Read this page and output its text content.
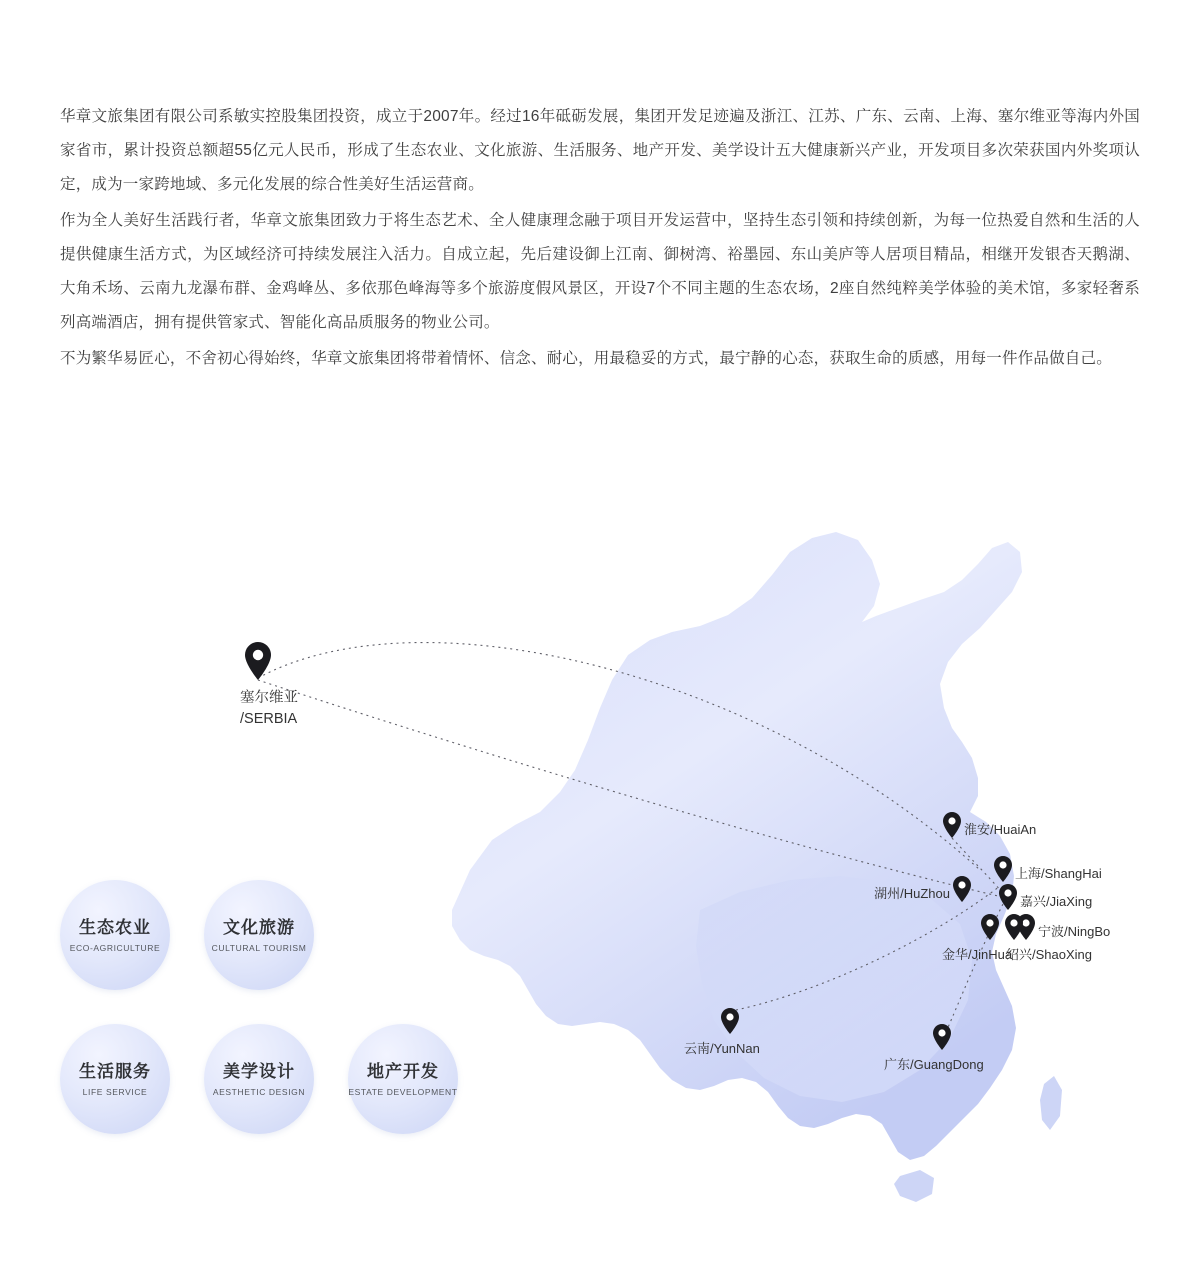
华章文旅集团有限公司系敏实控股集团投资，成立于2007年。经过16年砥砺发展，集团开发足迹遍及浙江、江苏、广东、云南、上海、塞尔维亚等海内外国家省市，累计投资总额超55亿元人民币，形成了生态农业、文化旅游、生活服务、地产开发、美学设计五大健康新兴产业，开发项目多次荣获国内外奖项认定，成为一家跨地域、多元化发展的综合性美好生活运营商。

作为全人美好生活践行者，华章文旅集团致力于将生态艺术、全人健康理念融于项目开发运营中，坚持生态引领和持续创新，为每一位热爱自然和生活的人提供健康生活方式，为区域经济可持续发展注入活力。自成立起，先后建设御上江南、御树湾、裕墨园、东山美庐等人居项目精品，相继开发银杏天鹅湖、大角禾场、云南九龙瀑布群、金鸡峰丛、多依那色峰海等多个旅游度假风景区，开设7个不同主题的生态农场，2座自然纯粹美学体验的美术馆，多家轻奢系列高端酒店，拥有提供管家式、智能化高品质服务的物业公司。

不为繁华易匠心，不舍初心得始终，华章文旅集团将带着情怀、信念、耐心，用最稳妥的方式，最宁静的心态，获取生命的质感，用每一件作品做自己。

塞尔维亚
/SERBIA
淮安/HuaiAn
上海/ShangHai
湖州/HuZhou
嘉兴/JiaXing
宁波/NingBo
金华/JinHua
绍兴/ShaoXing
云南/YunNan
广东/GuangDong
生态农业
ECO-AGRICULTURE
文化旅游
CULTURAL TOURISM
生活服务
LIFE SERVICE
美学设计
AESTHETIC DESIGN
地产开发
ESTATE DEVELOPMENT
